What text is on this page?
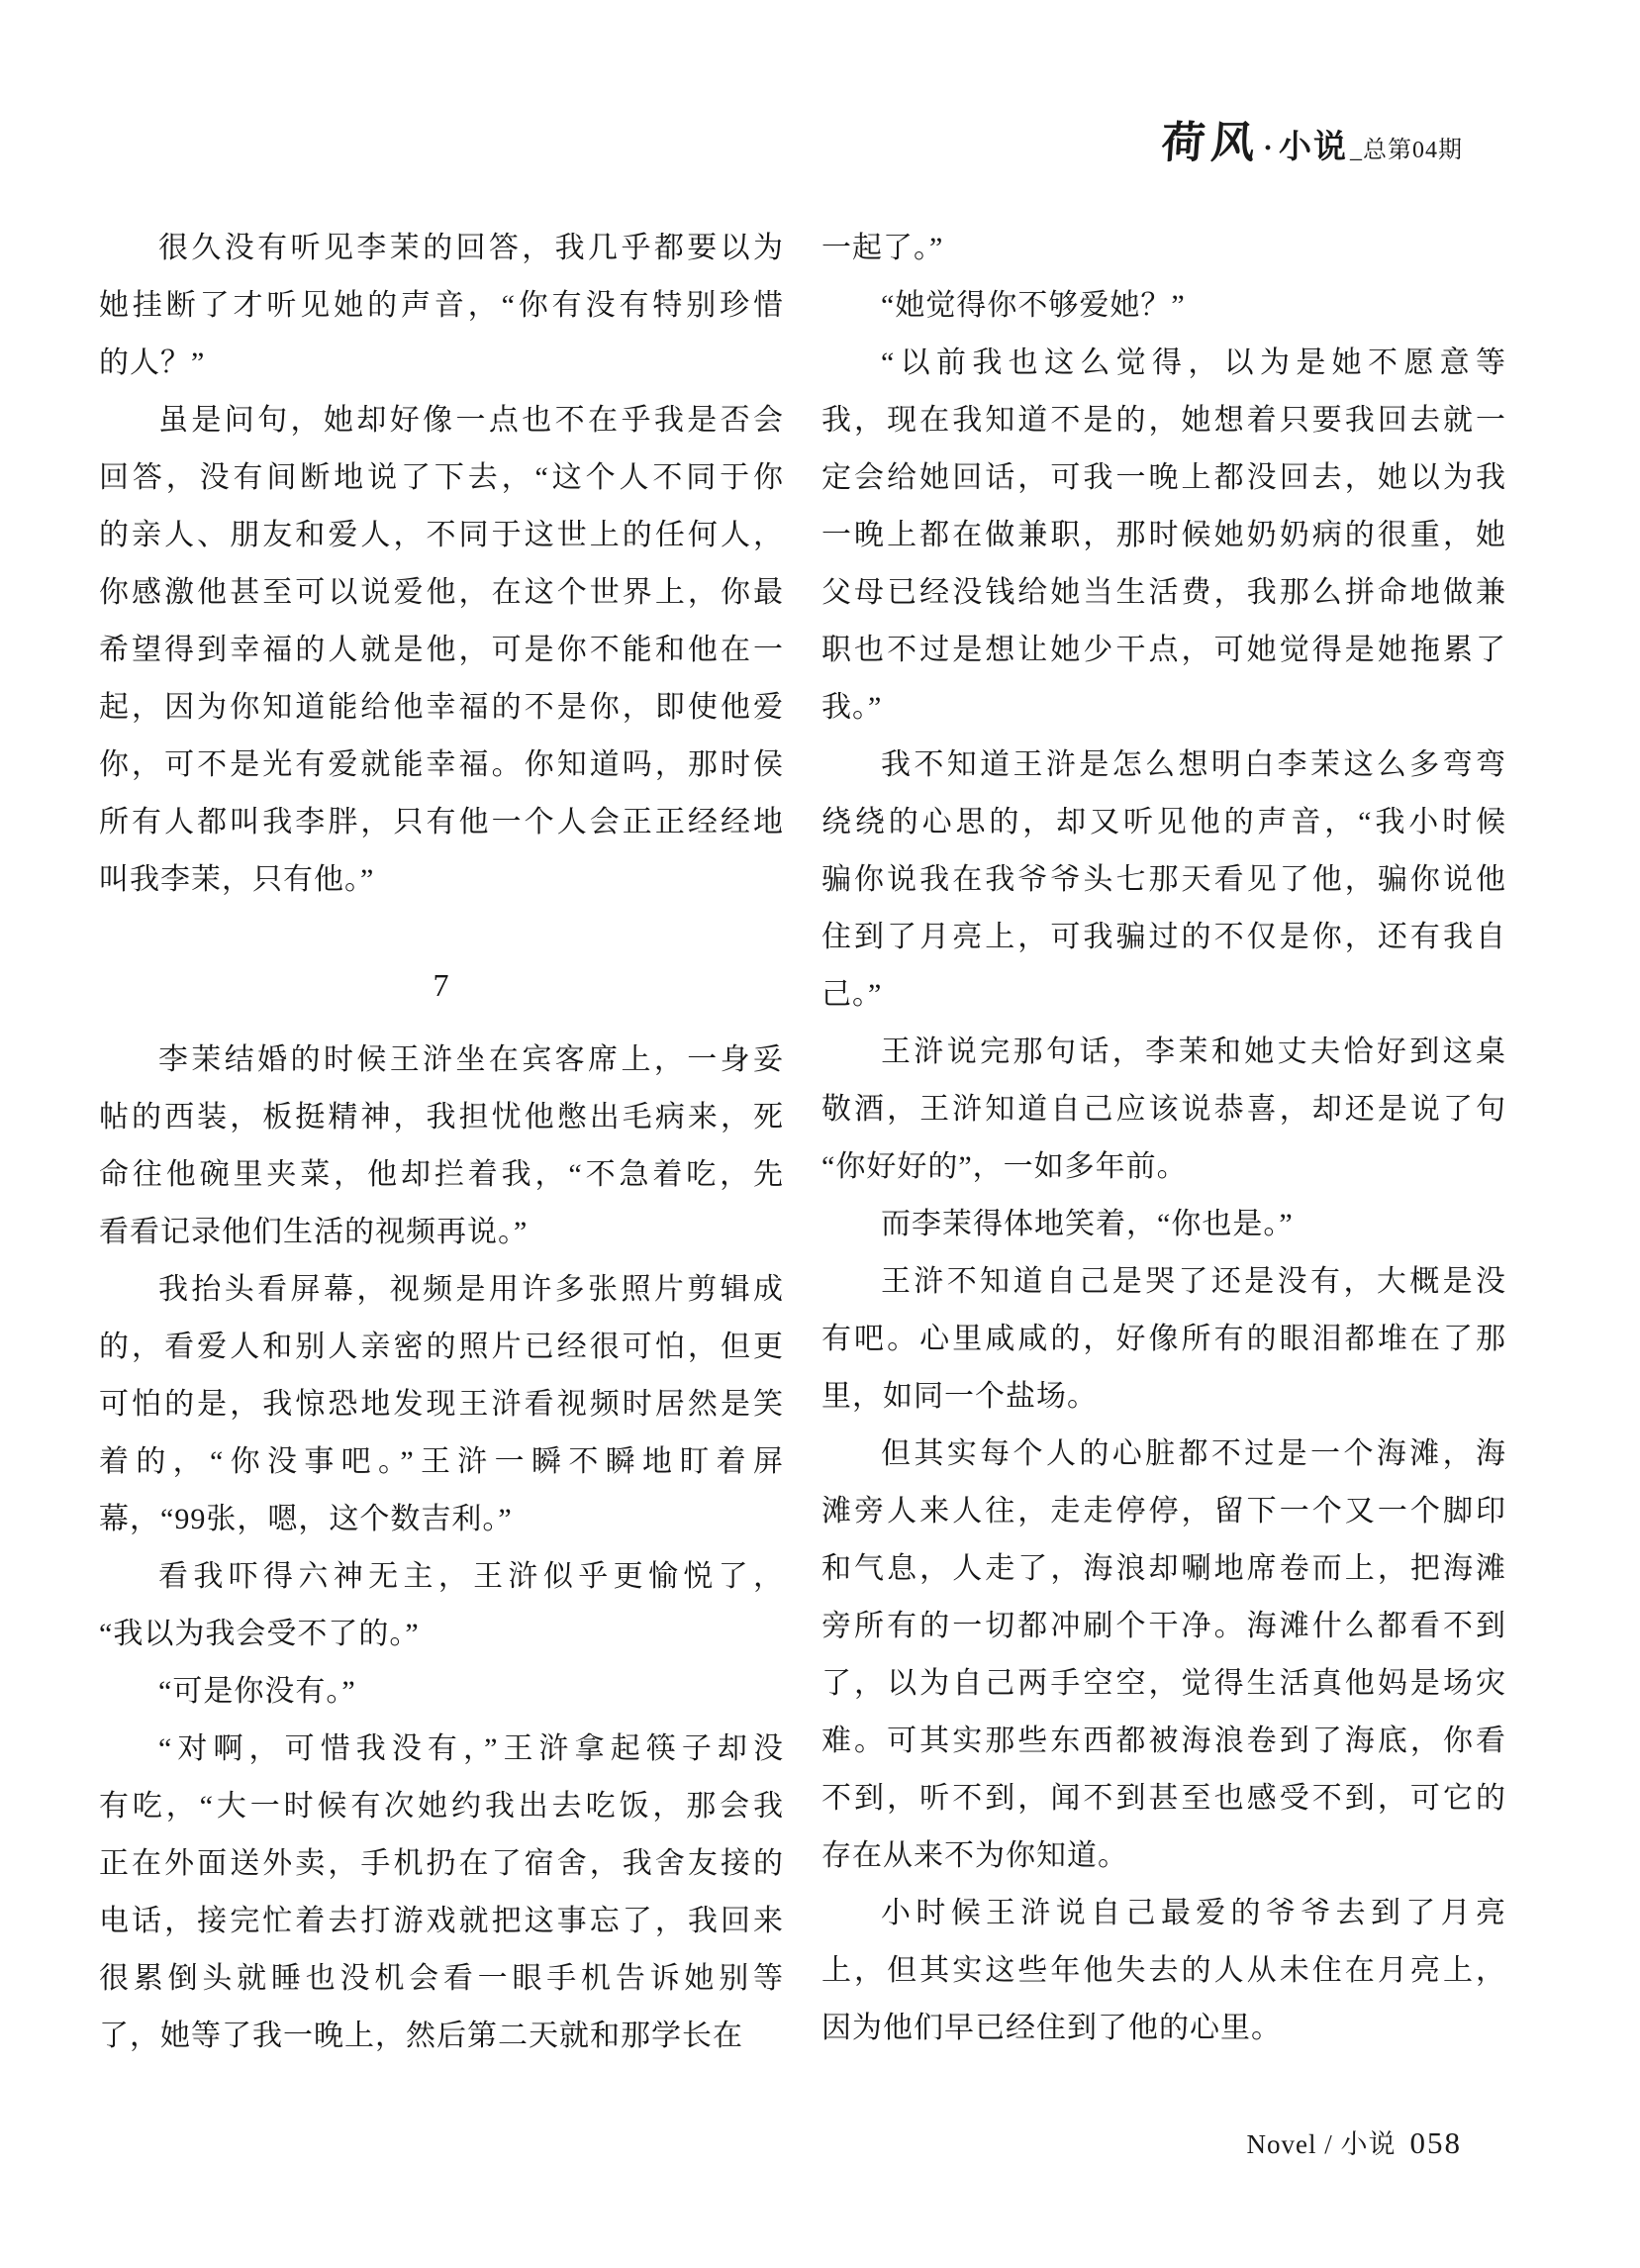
荷风 · 小说 _总第04期
很久没有听见李茉的回答，我几乎都要以为
她挂断了才听见她的声音，“你有没有特别珍惜
的人？”
虽是问句，她却好像一点也不在乎我是否会
回答，没有间断地说了下去，“这个人不同于你
的亲人、朋友和爱人，不同于这世上的任何人，
你感激他甚至可以说爱他，在这个世界上，你最
希望得到幸福的人就是他，可是你不能和他在一
起，因为你知道能给他幸福的不是你，即使他爱
你，可不是光有爱就能幸福。你知道吗，那时侯
所有人都叫我李胖，只有他一个人会正正经经地
叫我李茉，只有他。”
7
李茉结婚的时候王浒坐在宾客席上，一身妥
帖的西装，板挺精神，我担忧他憋出毛病来，死
命往他碗里夹菜，他却拦着我，“不急着吃，先
看看记录他们生活的视频再说。”
我抬头看屏幕，视频是用许多张照片剪辑成
的，看爱人和别人亲密的照片已经很可怕，但更
可怕的是，我惊恐地发现王浒看视频时居然是笑
着的，“你没事吧。”王浒一瞬不瞬地盯着屏
幕，“99张，嗯，这个数吉利。”
看我吓得六神无主，王浒似乎更愉悦了，
“我以为我会受不了的。”
“可是你没有。”
“对啊，可惜我没有，”王浒拿起筷子却没
有吃，“大一时候有次她约我出去吃饭，那会我
正在外面送外卖，手机扔在了宿舍，我舍友接的
电话，接完忙着去打游戏就把这事忘了，我回来
很累倒头就睡也没机会看一眼手机告诉她别等
了，她等了我一晚上，然后第二天就和那学长在
一起了。”
“她觉得你不够爱她？”
“以前我也这么觉得，以为是她不愿意等
我，现在我知道不是的，她想着只要我回去就一
定会给她回话，可我一晚上都没回去，她以为我
一晚上都在做兼职，那时候她奶奶病的很重，她
父母已经没钱给她当生活费，我那么拼命地做兼
职也不过是想让她少干点，可她觉得是她拖累了
我。”
我不知道王浒是怎么想明白李茉这么多弯弯
绕绕的心思的，却又听见他的声音，“我小时候
骗你说我在我爷爷头七那天看见了他，骗你说他
住到了月亮上，可我骗过的不仅是你，还有我自
己。”
王浒说完那句话，李茉和她丈夫恰好到这桌
敬酒，王浒知道自己应该说恭喜，却还是说了句
“你好好的”，一如多年前。
而李茉得体地笑着，“你也是。”
王浒不知道自己是哭了还是没有，大概是没
有吧。心里咸咸的，好像所有的眼泪都堆在了那
里，如同一个盐场。
但其实每个人的心脏都不过是一个海滩，海
滩旁人来人往，走走停停，留下一个又一个脚印
和气息，人走了，海浪却唰地席卷而上，把海滩
旁所有的一切都冲刷个干净。海滩什么都看不到
了，以为自己两手空空，觉得生活真他妈是场灾
难。可其实那些东西都被海浪卷到了海底，你看
不到，听不到，闻不到甚至也感受不到，可它的
存在从来不为你知道。
小时候王浒说自己最爱的爷爷去到了月亮
上，但其实这些年他失去的人从未住在月亮上，
因为他们早已经住到了他的心里。
Novel / 小说 058
